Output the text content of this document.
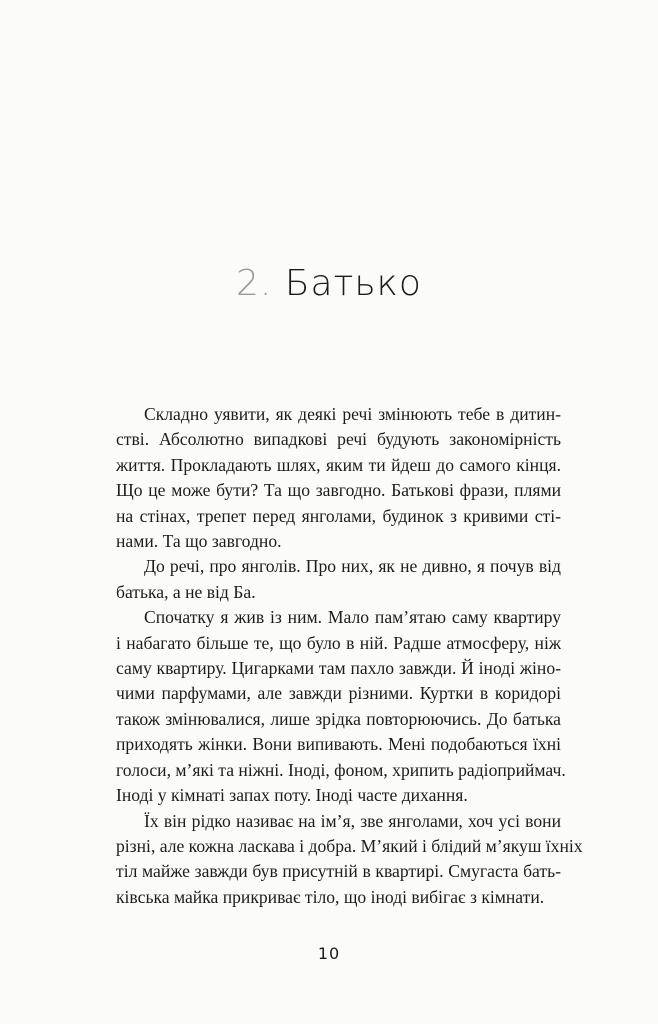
2. Батько
Складно уявити, як деякі речі змінюють тебе в дитин-
стві. Абсолютно випадкові речі будують закономірність
життя. Прокладають шлях, яким ти йдеш до самого кінця.
Що це може бути? Та що завгодно. Батькові фрази, плями
на стінах, трепет перед янголами, будинок з кривими сті-
нами. Та що завгодно.
До речі, про янголів. Про них, як не дивно, я почув від
батька, а не від Ба.
Спочатку я жив із ним. Мало пам’ятаю саму квартиру
і набагато більше те, що було в ній. Радше атмосферу, ніж
саму квартиру. Цигарками там пахло завжди. Й іноді жіно-
чими парфумами, але завжди різними. Куртки в коридорі
також змінювалися, лише зрідка повторюючись. До батька
приходять жінки. Вони випивають. Мені подобаються їхні
голоси, м’які та ніжні. Іноді, фоном, хрипить радіоприймач.
Іноді у кімнаті запах поту. Іноді часте дихання.
Їх він рідко називає на ім’я, зве янголами, хоч усі вони
різні, але кожна ласкава і добра. М’який і блідий м’якуш їхніх
тіл майже завжди був присутній в квартирі. Смугаста бать-
ківська майка прикриває тіло, що іноді вибігає з кімнати.
10
